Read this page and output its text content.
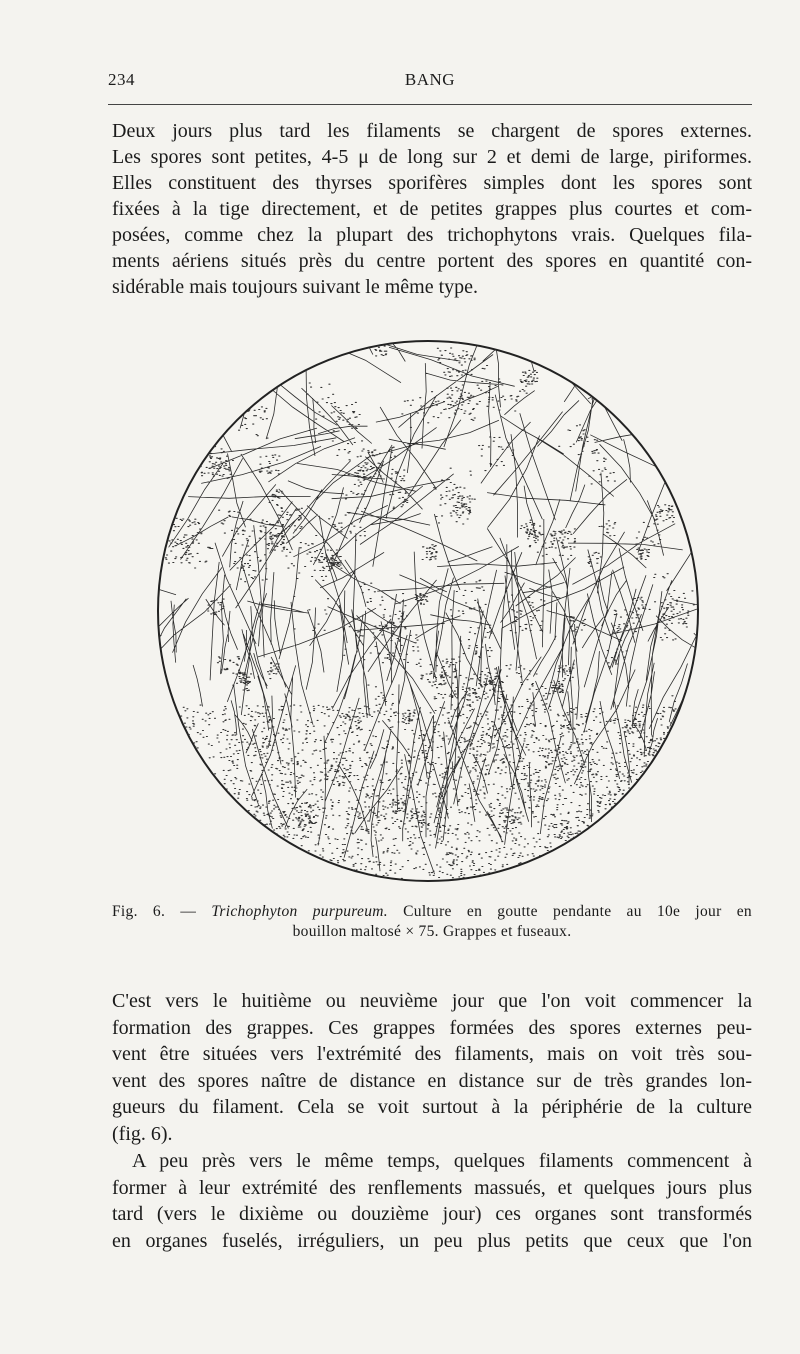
234	BANG
Deux jours plus tard les filaments se chargent de spores externes.
Les spores sont petites, 4-5 μ de long sur 2 et demi de large, piriformes.
Elles constituent des thyrses sporifères simples dont les spores sont
fixées à la tige directement, et de petites grappes plus courtes et com-
posées, comme chez la plupart des trichophytons vrais. Quelques fila-
ments aériens situés près du centre portent des spores en quantité con-
sidérable mais toujours suivant le même type.
Fig. 6. — Trichophyton purpureum. Culture en goutte pendante au 10e jour en
bouillon maltosé × 75. Grappes et fuseaux.
C'est vers le huitième ou neuvième jour que l'on voit commencer la
formation des grappes. Ces grappes formées des spores externes peu-
vent être situées vers l'extrémité des filaments, mais on voit très sou-
vent des spores naître de distance en distance sur de très grandes lon-
gueurs du filament. Cela se voit surtout à la périphérie de la culture
(fig. 6).
A peu près vers le même temps, quelques filaments commencent à
former à leur extrémité des renflements massués, et quelques jours plus
tard (vers le dixième ou douzième jour) ces organes sont transformés
en organes fuselés, irréguliers, un peu plus petits que ceux que l'on
